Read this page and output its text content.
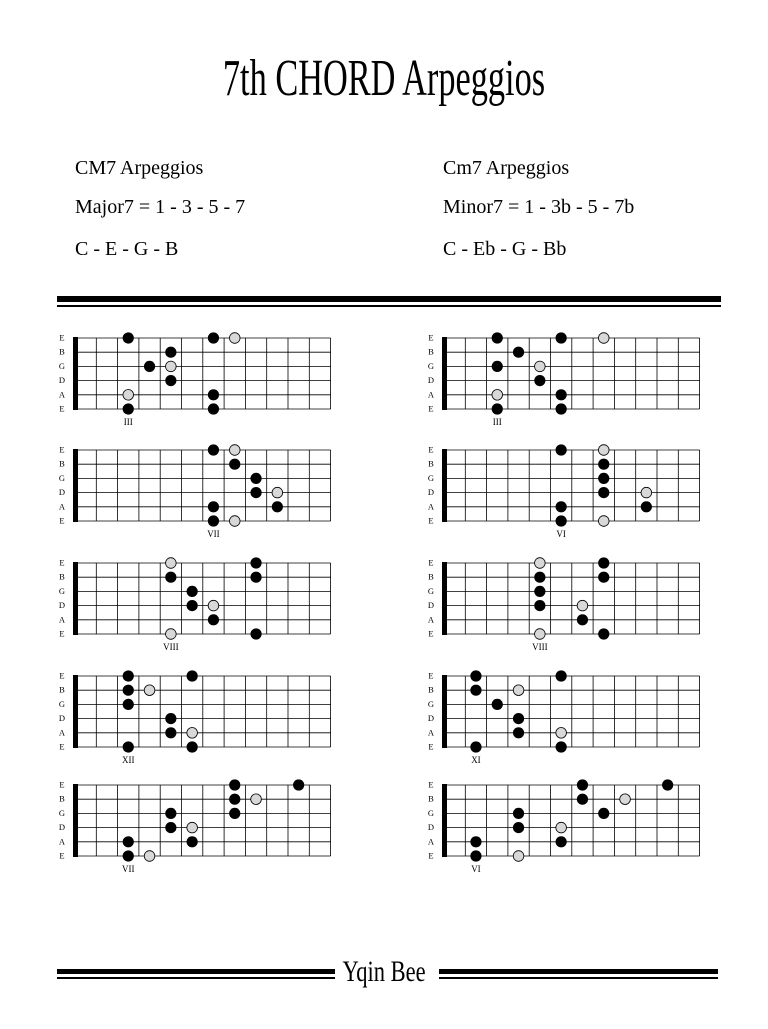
7th CHORD Arpeggios
CM7 Arpeggios
Major7 = 1 - 3 - 5 - 7
C - E - G - B
Cm7 Arpeggios
Minor7 = 1 - 3b - 5 - 7b
C - Eb - G - Bb
E
B
G
D
A
E
III
E
B
G
D
A
E
VII
E
B
G
D
A
E
VIII
E
B
G
D
A
E
XII
E
B
G
D
A
E
VII
E
B
G
D
A
E
III
E
B
G
D
A
E
VI
E
B
G
D
A
E
VIII
E
B
G
D
A
E
XI
E
B
G
D
A
E
VI
Yqin Bee
